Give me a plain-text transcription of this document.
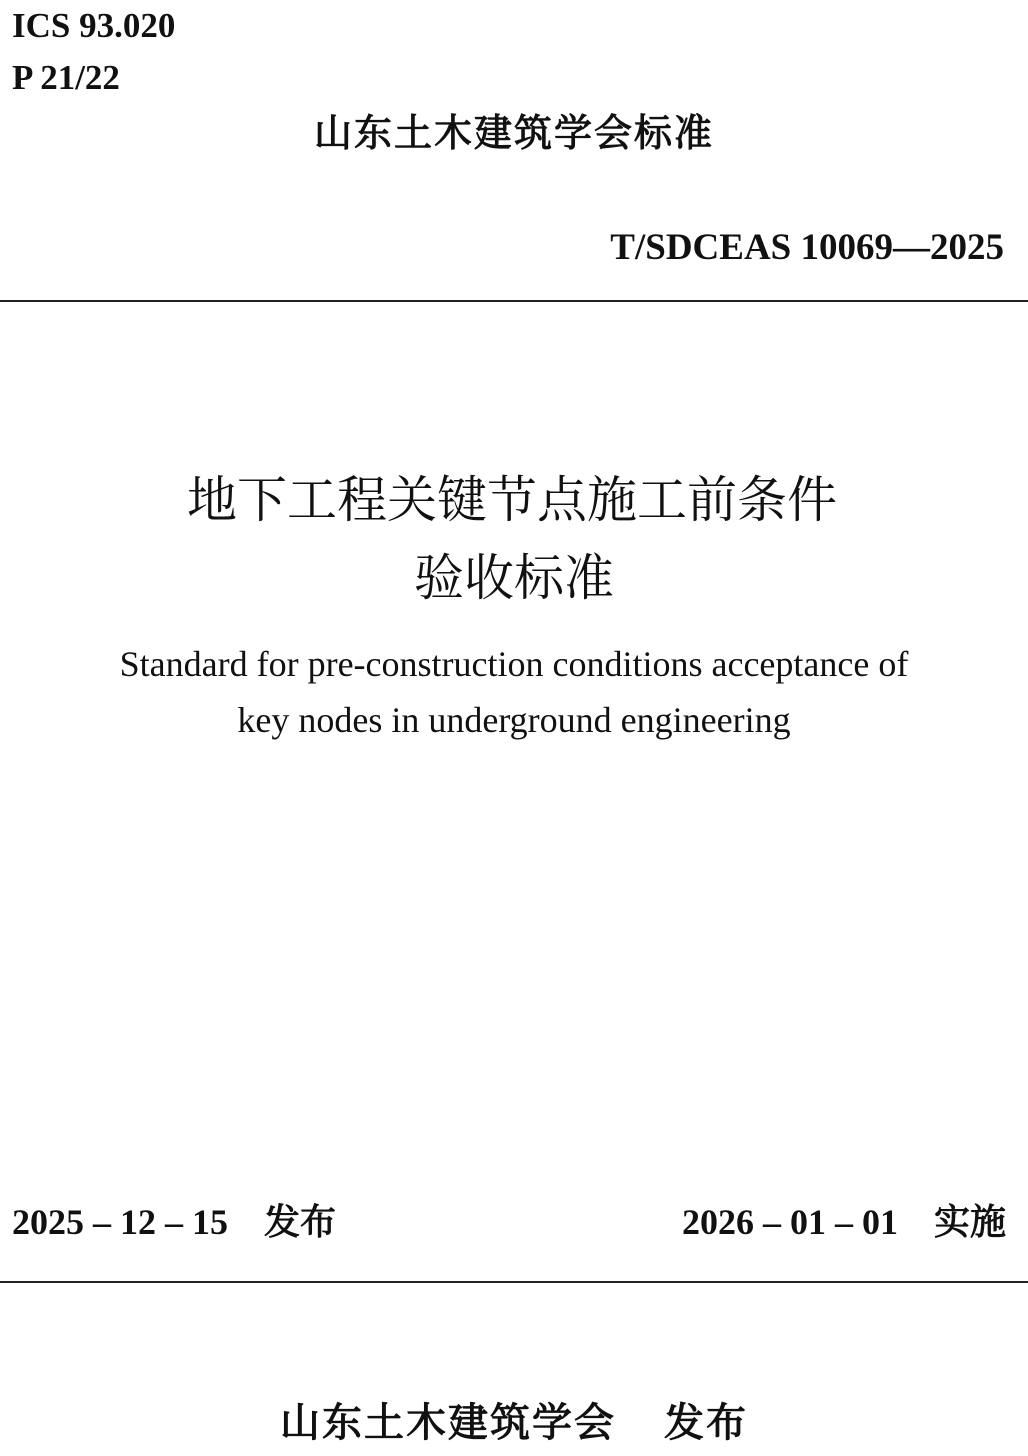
ICS 93.020
P 21/22
山东土木建筑学会标准
T/SDCEAS 10069—2025
地下工程关键节点施工前条件
验收标准
Standard for pre-construction conditions acceptance of
key nodes in underground engineering
2025 – 12 – 15 发布	2026 – 01 – 01 实施
山东土木建筑学会 发布
